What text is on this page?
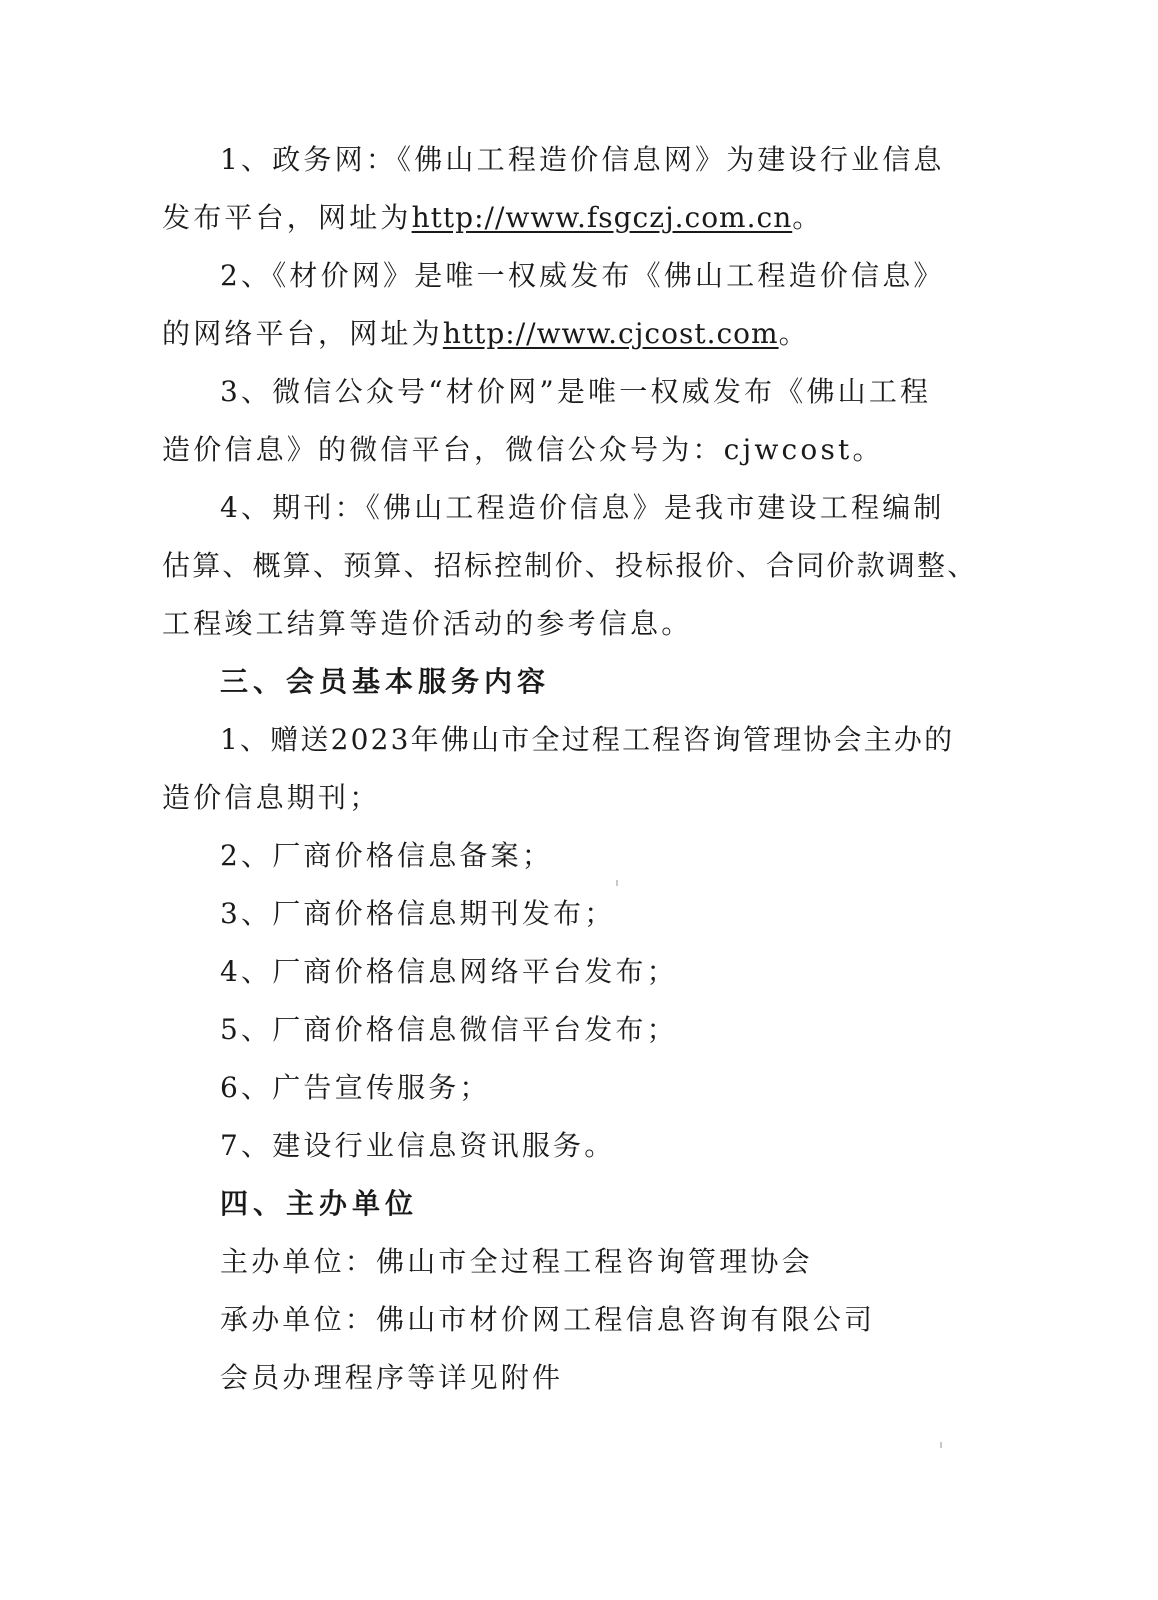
1、政务网：《佛山工程造价信息网》为建设行业信息
发布平台，网址为http://www.fsgczj.com.cn。
2、《材价网》是唯一权威发布《佛山工程造价信息》
的网络平台，网址为http://www.cjcost.com。
3、微信公众号“材价网”是唯一权威发布《佛山工程
造价信息》的微信平台，微信公众号为：cjwcost。
4、期刊：《佛山工程造价信息》是我市建设工程编制
估算、概算、预算、招标控制价、投标报价、合同价款调整、
工程竣工结算等造价活动的参考信息。
三、会员基本服务内容
1、赠送2023年佛山市全过程工程咨询管理协会主办的
造价信息期刊；
2、厂商价格信息备案；
3、厂商价格信息期刊发布；
4、厂商价格信息网络平台发布；
5、厂商价格信息微信平台发布；
6、广告宣传服务；
7、建设行业信息资讯服务。
四、主办单位
主办单位：佛山市全过程工程咨询管理协会
承办单位：佛山市材价网工程信息咨询有限公司
会员办理程序等详见附件
